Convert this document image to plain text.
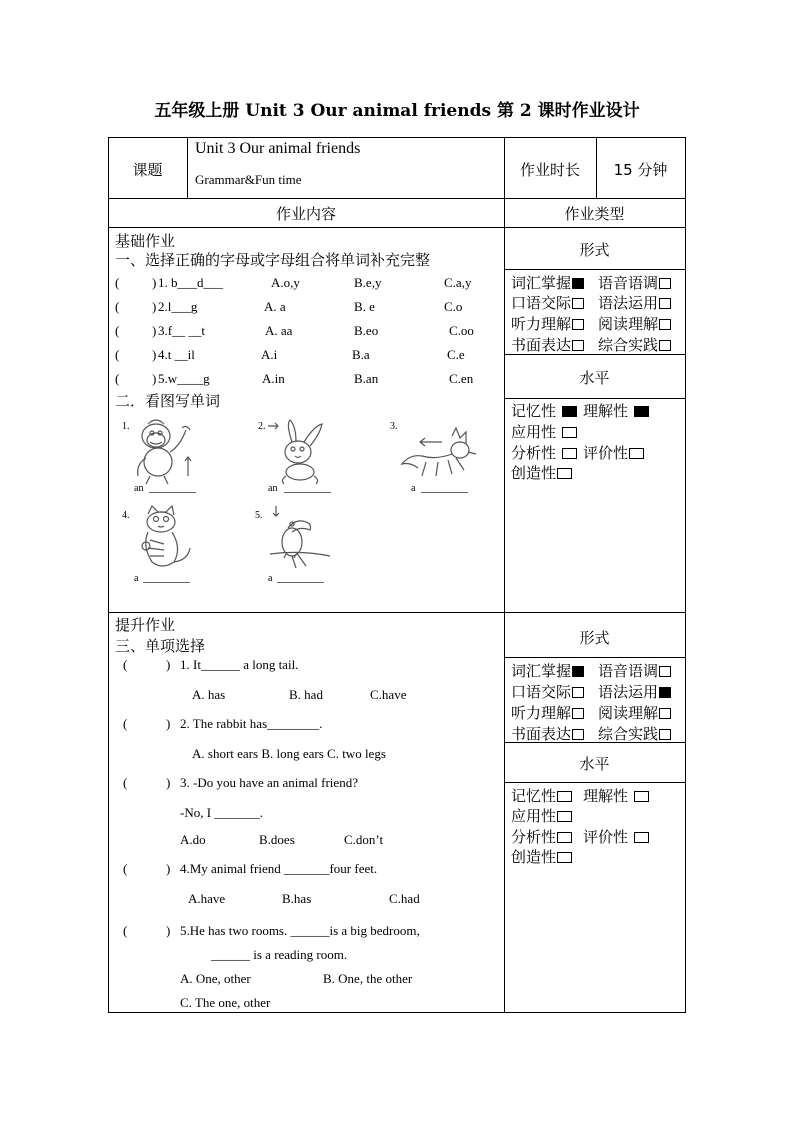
五年级上册 Unit 3 Our animal friends 第 2 课时作业设计
课题
Unit 3 Our animal friends
Grammar&Fun time
作业时长	15 分钟
作业内容	作业类型
基础作业
一、选择正确的字母或字母组合将单词补充完整
(	) 1. b___d___	A.o,y	B.e,y	C.a,y
(	) 2.l___g	A. a	B. e	C.o
(	) 3.f__ __t	A. aa	B.eo	C.oo
(	) 4.t __il	A.i	B.a	C.e
(	) 5.w____g	A.in	B.an	C.en
二．看图写单词
1.
an
2.
an
3.
a
4.
a
5.
a
形式
词汇掌握	语音语调
口语交际	语法运用
听力理解	阅读理解
书面表达	综合实践
水平
记忆性	理解性
应用性
分析性	评价性
创造性
提升作业
三、单项选择
(	) 1. It______ a long tail.
A. has	B. had	C.have
(	) 2. The rabbit has________.
A. short ears B. long ears C. two legs
(	) 3. -Do you have an animal friend?
-No, I _______.
A.do	B.does	C.don’t
(	) 4.My animal friend _______four feet.
A.have	B.has	C.had
(	) 5.He has two rooms. ______is a big bedroom,
______ is a reading room.
A. One, other	B. One, the other
C. The one, other
形式
词汇掌握	语音语调
口语交际	语法运用
听力理解	阅读理解
书面表达	综合实践
水平
记忆性	理解性
应用性
分析性	评价性
创造性
